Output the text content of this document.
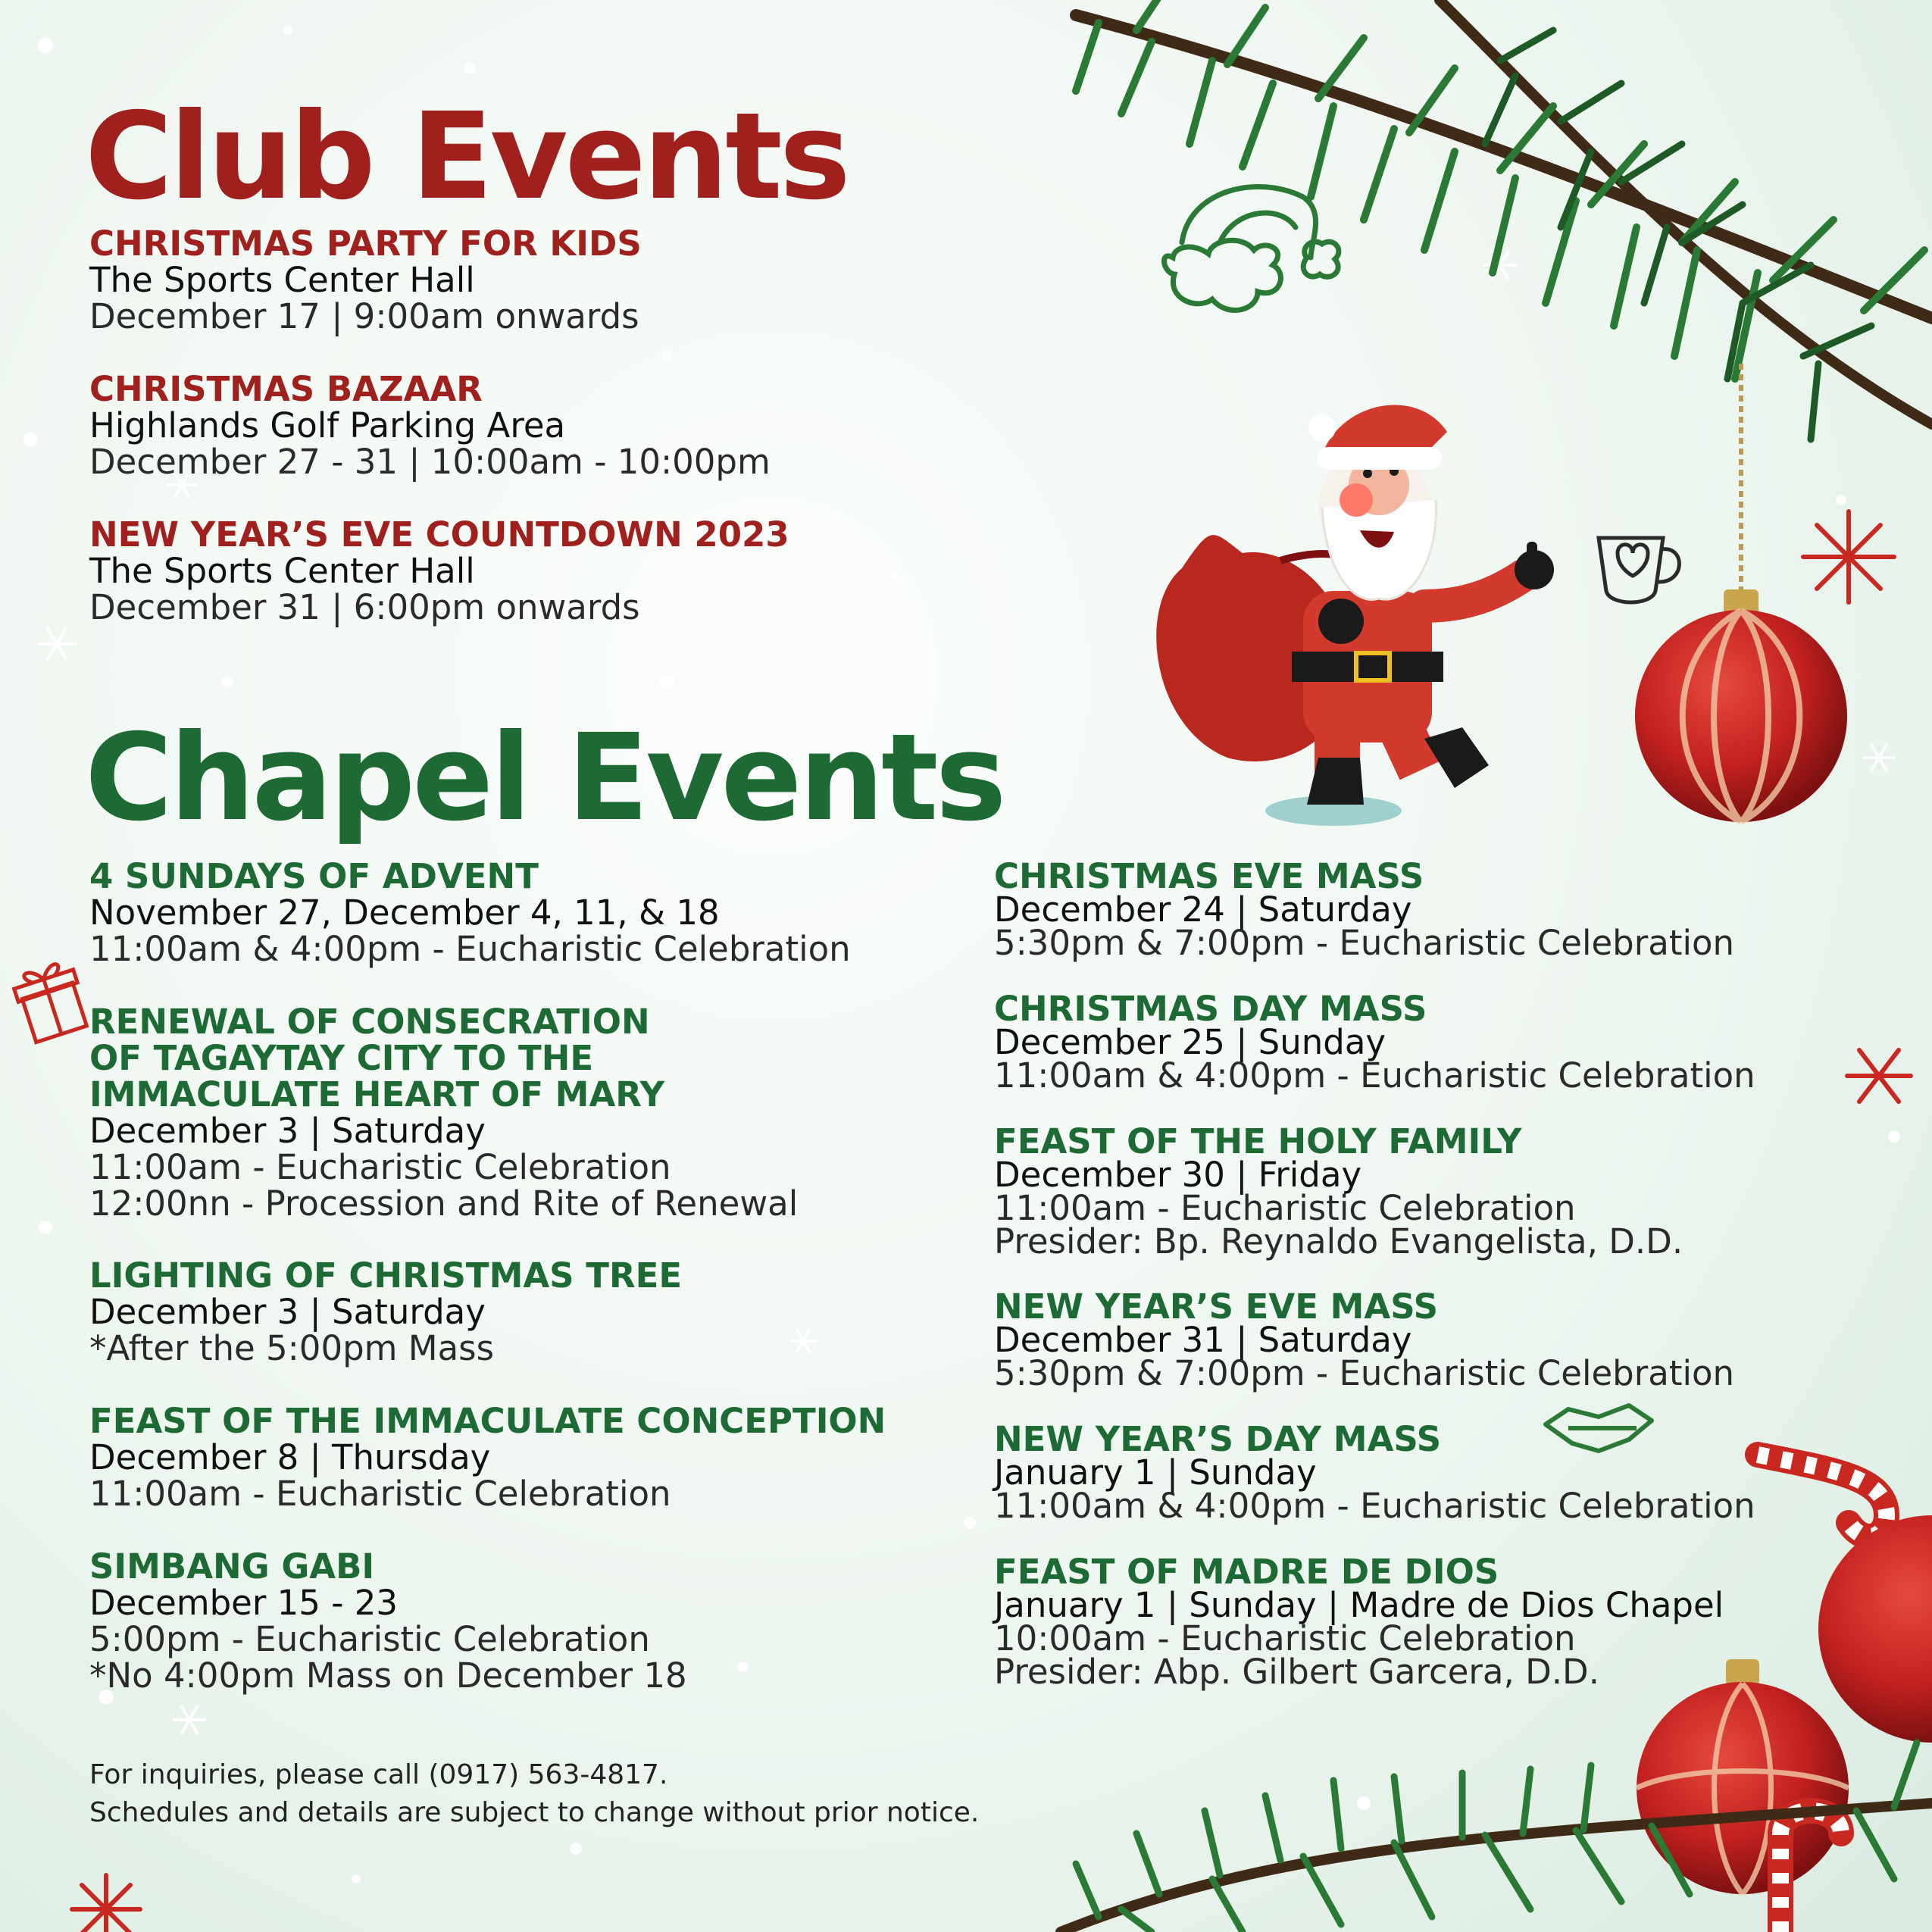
Club Events
CHRISTMAS PARTY FOR KIDS
The Sports Center Hall
December 17 | 9:00am onwards
CHRISTMAS BAZAAR
Highlands Golf Parking Area
December 27 - 31 | 10:00am - 10:00pm
NEW YEAR’S EVE COUNTDOWN 2023
The Sports Center Hall
December 31 | 6:00pm onwards
Chapel Events
4 SUNDAYS OF ADVENT
November 27, December 4, 11, & 18
11:00am & 4:00pm - Eucharistic Celebration
RENEWAL OF CONSECRATION
OF TAGAYTAY CITY TO THE
IMMACULATE HEART OF MARY
December 3 | Saturday
11:00am - Eucharistic Celebration
12:00nn - Procession and Rite of Renewal
LIGHTING OF CHRISTMAS TREE
December 3 | Saturday
*After the 5:00pm Mass
FEAST OF THE IMMACULATE CONCEPTION
December 8 | Thursday
11:00am - Eucharistic Celebration
SIMBANG GABI
December 15 - 23
5:00pm - Eucharistic Celebration
*No 4:00pm Mass on December 18
CHRISTMAS EVE MASS
December 24 | Saturday
5:30pm & 7:00pm - Eucharistic Celebration
CHRISTMAS DAY MASS
December 25 | Sunday
11:00am & 4:00pm - Eucharistic Celebration
FEAST OF THE HOLY FAMILY
December 30 | Friday
11:00am - Eucharistic Celebration
Presider: Bp. Reynaldo Evangelista, D.D.
NEW YEAR’S EVE MASS
December 31 | Saturday
5:30pm & 7:00pm - Eucharistic Celebration
NEW YEAR’S DAY MASS
January 1 | Sunday
11:00am & 4:00pm - Eucharistic Celebration
FEAST OF MADRE DE DIOS
January 1 | Sunday | Madre de Dios Chapel
10:00am - Eucharistic Celebration
Presider: Abp. Gilbert Garcera, D.D.
For inquiries, please call (0917) 563-4817.
Schedules and details are subject to change without prior notice.
